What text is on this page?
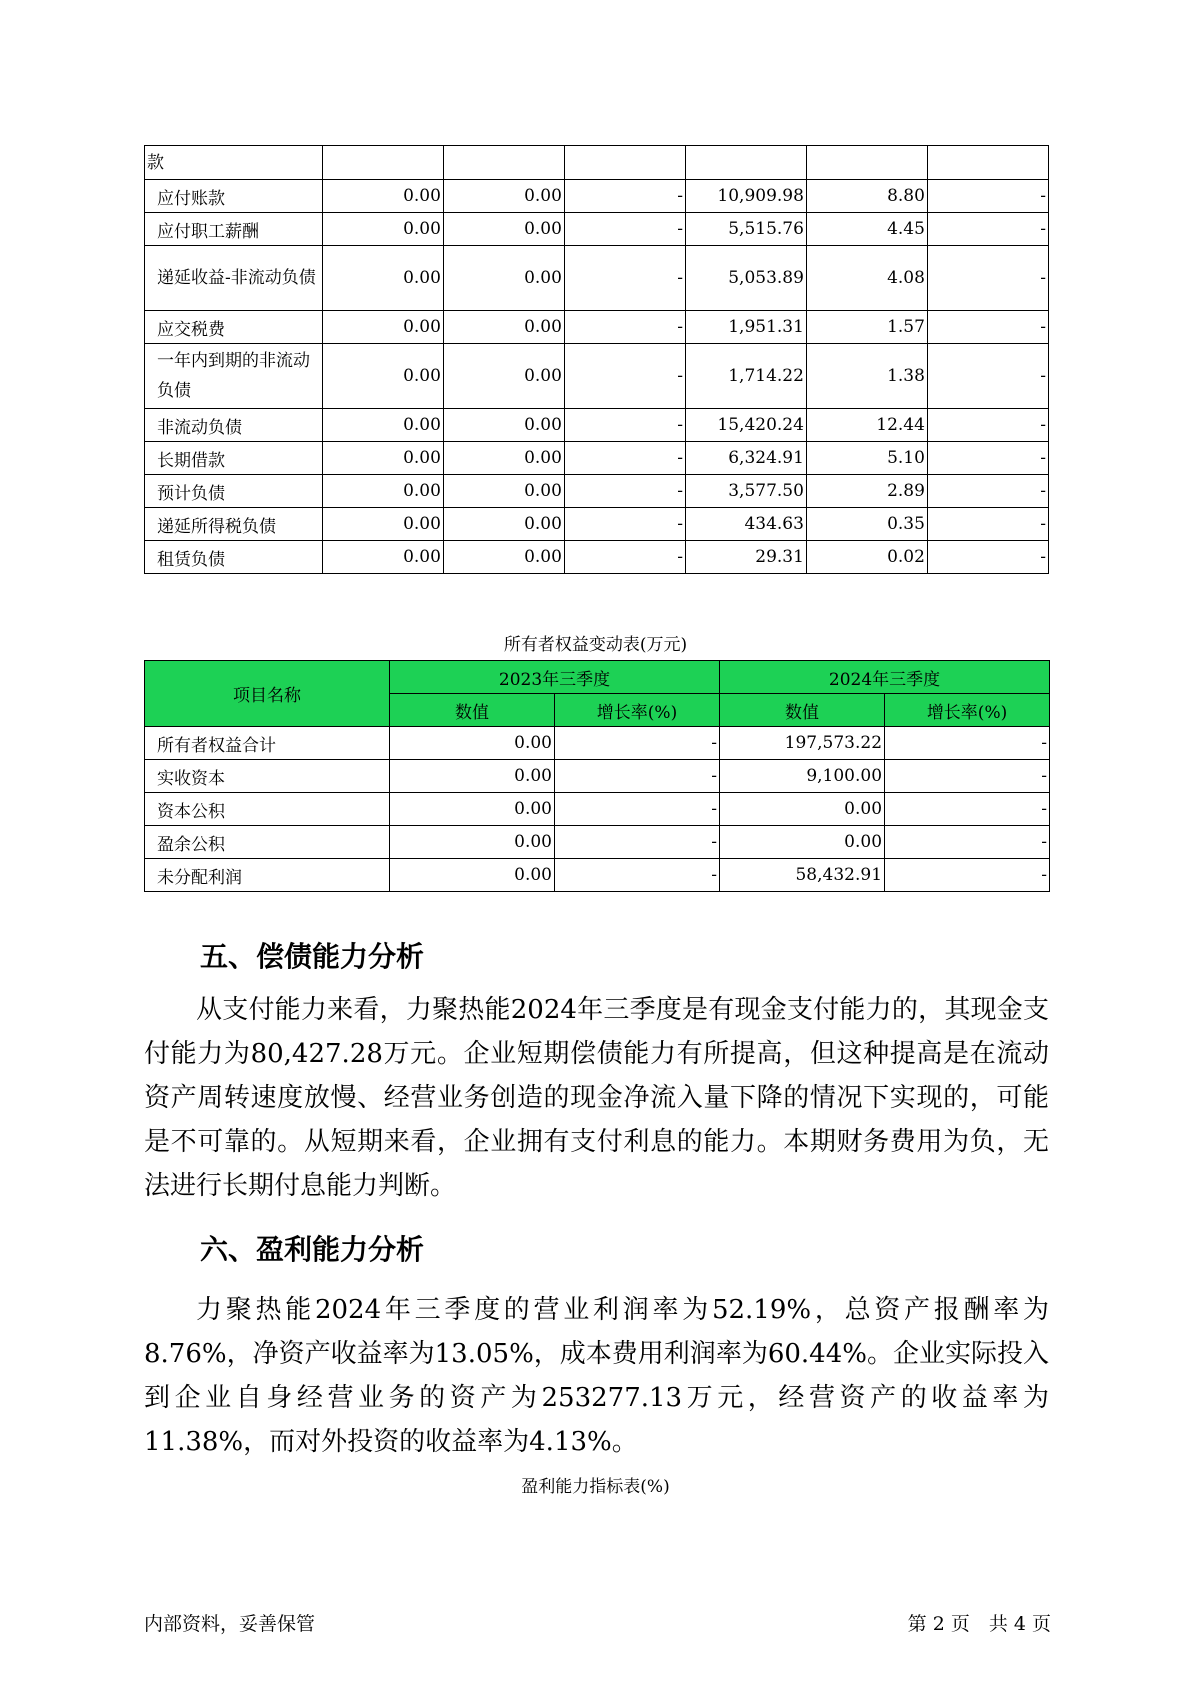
款						
应付账款	0.00	0.00	-	10,909.98	8.80	-
应付职工薪酬	0.00	0.00	-	5,515.76	4.45	-
递延收益-非流动负债	0.00	0.00	-	5,053.89	4.08	-
应交税费	0.00	0.00	-	1,951.31	1.57	-
一年内到期的非流动负债	0.00	0.00	-	1,714.22	1.38	-
非流动负债	0.00	0.00	-	15,420.24	12.44	-
长期借款	0.00	0.00	-	6,324.91	5.10	-
预计负债	0.00	0.00	-	3,577.50	2.89	-
递延所得税负债	0.00	0.00	-	434.63	0.35	-
租赁负债	0.00	0.00	-	29.31	0.02	-
所有者权益变动表(万元)
项目名称	2023年三季度		2024年三季度	
	数值	增长率(%)	数值	增长率(%)
所有者权益合计	0.00	-	197,573.22	-
实收资本	0.00	-	9,100.00	-
资本公积	0.00	-	0.00	-
盈余公积	0.00	-	0.00	-
未分配利润	0.00	-	58,432.91	-
五、偿债能力分析

从支付能力来看，力聚热能2024年三季度是有现金支付能力的，其现金支付能力为80,427.28万元。企业短期偿债能力有所提高，但这种提高是在流动资产周转速度放慢、经营业务创造的现金净流入量下降的情况下实现的，可能是不可靠的。从短期来看，企业拥有支付利息的能力。本期财务费用为负，无法进行长期付息能力判断。

六、盈利能力分析

力聚热能2024年三季度的营业利润率为52.19%，总资产报酬率为8.76%，净资产收益率为13.05%，成本费用利润率为60.44%。企业实际投入到企业自身经营业务的资产为253277.13万元，经营资产的收益率为11.38%，而对外投资的收益率为4.13%。

盈利能力指标表(%)
内部资料，妥善保管	第 2 页　共 4 页
